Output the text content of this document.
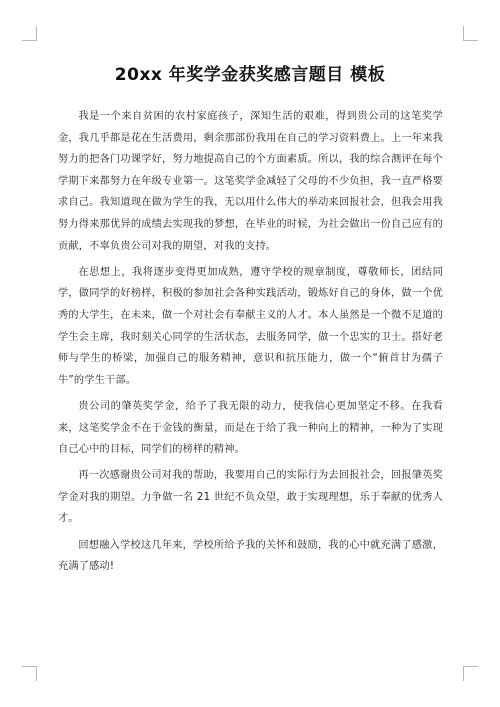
20xx 年奖学金获奖感言题目 模板

我是一个来自贫困的农村家庭孩子，深知生活的艰难，得到贵公司的这笔奖学金，我几乎都是花在生活费用，剩余那部份我用在自己的学习资料费上。上一年来我努力的把各门功课学好，努力地提高自己的个方面素质。所以，我的综合测评在每个学期下来都努力在年级专业第一。这笔奖学金减轻了父母的不少负担，我一直严格要求自己。我知道现在做为学生的我，无以用什么伟大的举动来回报社会，但我会用我努力得来那优异的成绩去实现我的梦想，在毕业的时候，为社会做出一份自己应有的贡献，不辜负贵公司对我的期望，对我的支持。

在思想上，我将逐步变得更加成熟，遵守学校的规章制度，尊敬师长，团结同学，做同学的好榜样，积极的参加社会各种实践活动，锻炼好自己的身体，做一个优秀的大学生，在未来，做一个对社会有奉献主义的人才。本人虽然是一个微不足道的学生会主席，我时刻关心同学的生活状态，去服务同学，做一个忠实的卫士。搭好老师与学生的桥梁，加强自己的服务精神，意识和抗压能力，做一个“俯首甘为孺子牛”的学生干部。

贵公司的肇英奖学金，给予了我无限的动力，使我信心更加坚定不移。在我看来，这笔奖学金不在于金钱的衡量，而是在于给了我一种向上的精神，一种为了实现自己心中的目标，同学们的榜样的精神。

再一次感谢贵公司对我的帮助，我要用自己的实际行为去回报社会，回报肇英奖学金对我的期望。力争做一名 21 世纪不负众望，敢于实现理想，乐于奉献的优秀人才。

回想融入学校这几年来，学校所给予我的关怀和鼓励，我的心中就充满了感激，充满了感动!
